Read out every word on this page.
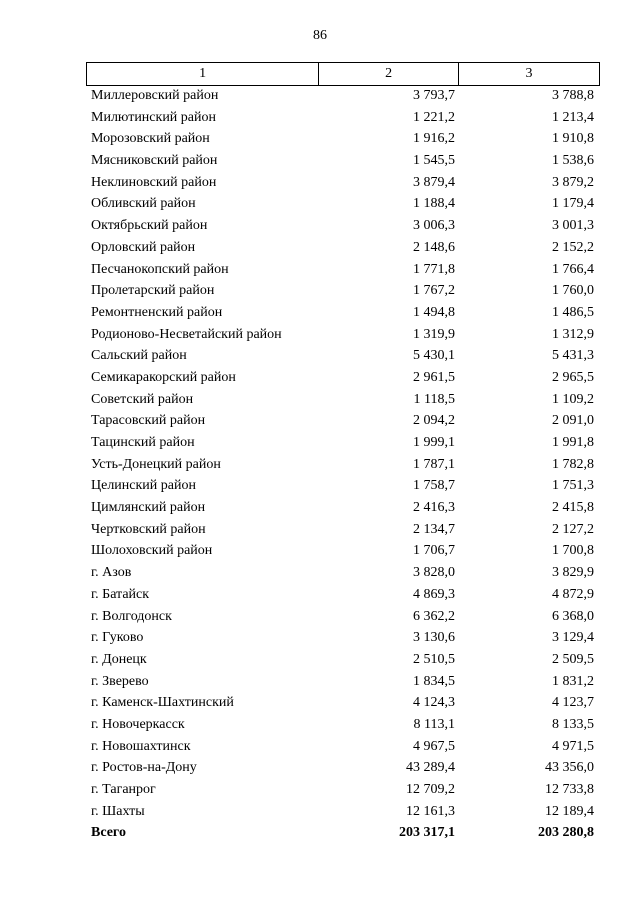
86
1	2	3
Миллеровский район	3 793,7	3 788,8
Милютинский район	1 221,2	1 213,4
Морозовский район	1 916,2	1 910,8
Мясниковский район	1 545,5	1 538,6
Неклиновский район	3 879,4	3 879,2
Обливский район	1 188,4	1 179,4
Октябрьский район	3 006,3	3 001,3
Орловский район	2 148,6	2 152,2
Песчанокопский район	1 771,8	1 766,4
Пролетарский район	1 767,2	1 760,0
Ремонтненский район	1 494,8	1 486,5
Родионово-Несветайский район	1 319,9	1 312,9
Сальский район	5 430,1	5 431,3
Семикаракорский район	2 961,5	2 965,5
Советский район	1 118,5	1 109,2
Тарасовский район	2 094,2	2 091,0
Тацинский район	1 999,1	1 991,8
Усть-Донецкий район	1 787,1	1 782,8
Целинский район	1 758,7	1 751,3
Цимлянский район	2 416,3	2 415,8
Чертковский район	2 134,7	2 127,2
Шолоховский район	1 706,7	1 700,8
г. Азов	3 828,0	3 829,9
г. Батайск	4 869,3	4 872,9
г. Волгодонск	6 362,2	6 368,0
г. Гуково	3 130,6	3 129,4
г. Донецк	2 510,5	2 509,5
г. Зверево	1 834,5	1 831,2
г. Каменск-Шахтинский	4 124,3	4 123,7
г. Новочеркасск	8 113,1	8 133,5
г. Новошахтинск	4 967,5	4 971,5
г. Ростов-на-Дону	43 289,4	43 356,0
г. Таганрог	12 709,2	12 733,8
г. Шахты	12 161,3	12 189,4
Всего	203 317,1	203 280,8
